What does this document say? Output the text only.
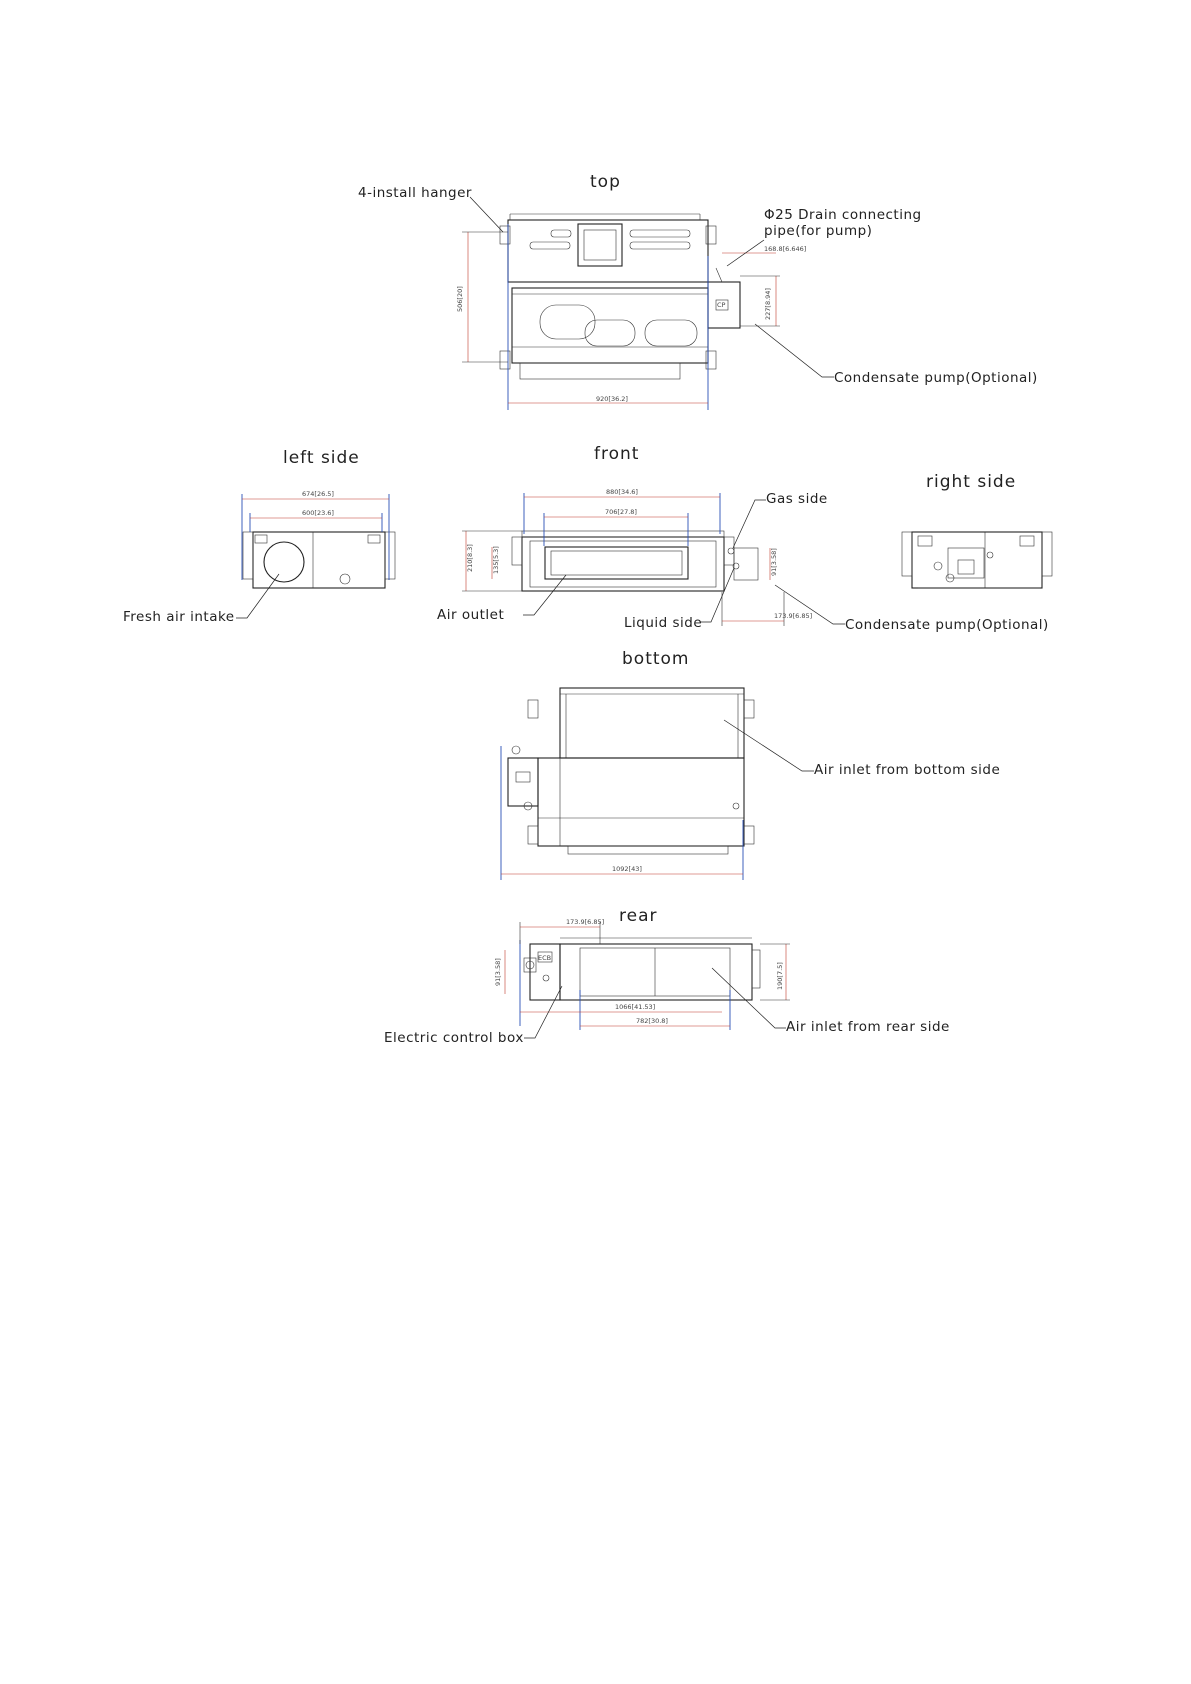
top
CP
920[36.2]
506[20]
168.8[6.646]
227[8.94]
4-install hanger
Φ25 Drain connecting
pipe(for pump)
Condensate pump(Optional)
left side
674[26.5]
600[23.6]
Fresh air intake
front
880[34.6]
706[27.8]
210[8.3]	135[5.3]	91[3.58]
173.9[6.85]
Gas side
Air outlet	Liquid side	Condensate pump(Optional)
right side
bottom
1092[43]
Air inlet from bottom side
rear
ECB
173.9[6.85]
91[3.58]	190[7.5]
1066[41.53]
782[30.8]
Electric control box
Air inlet from rear side
